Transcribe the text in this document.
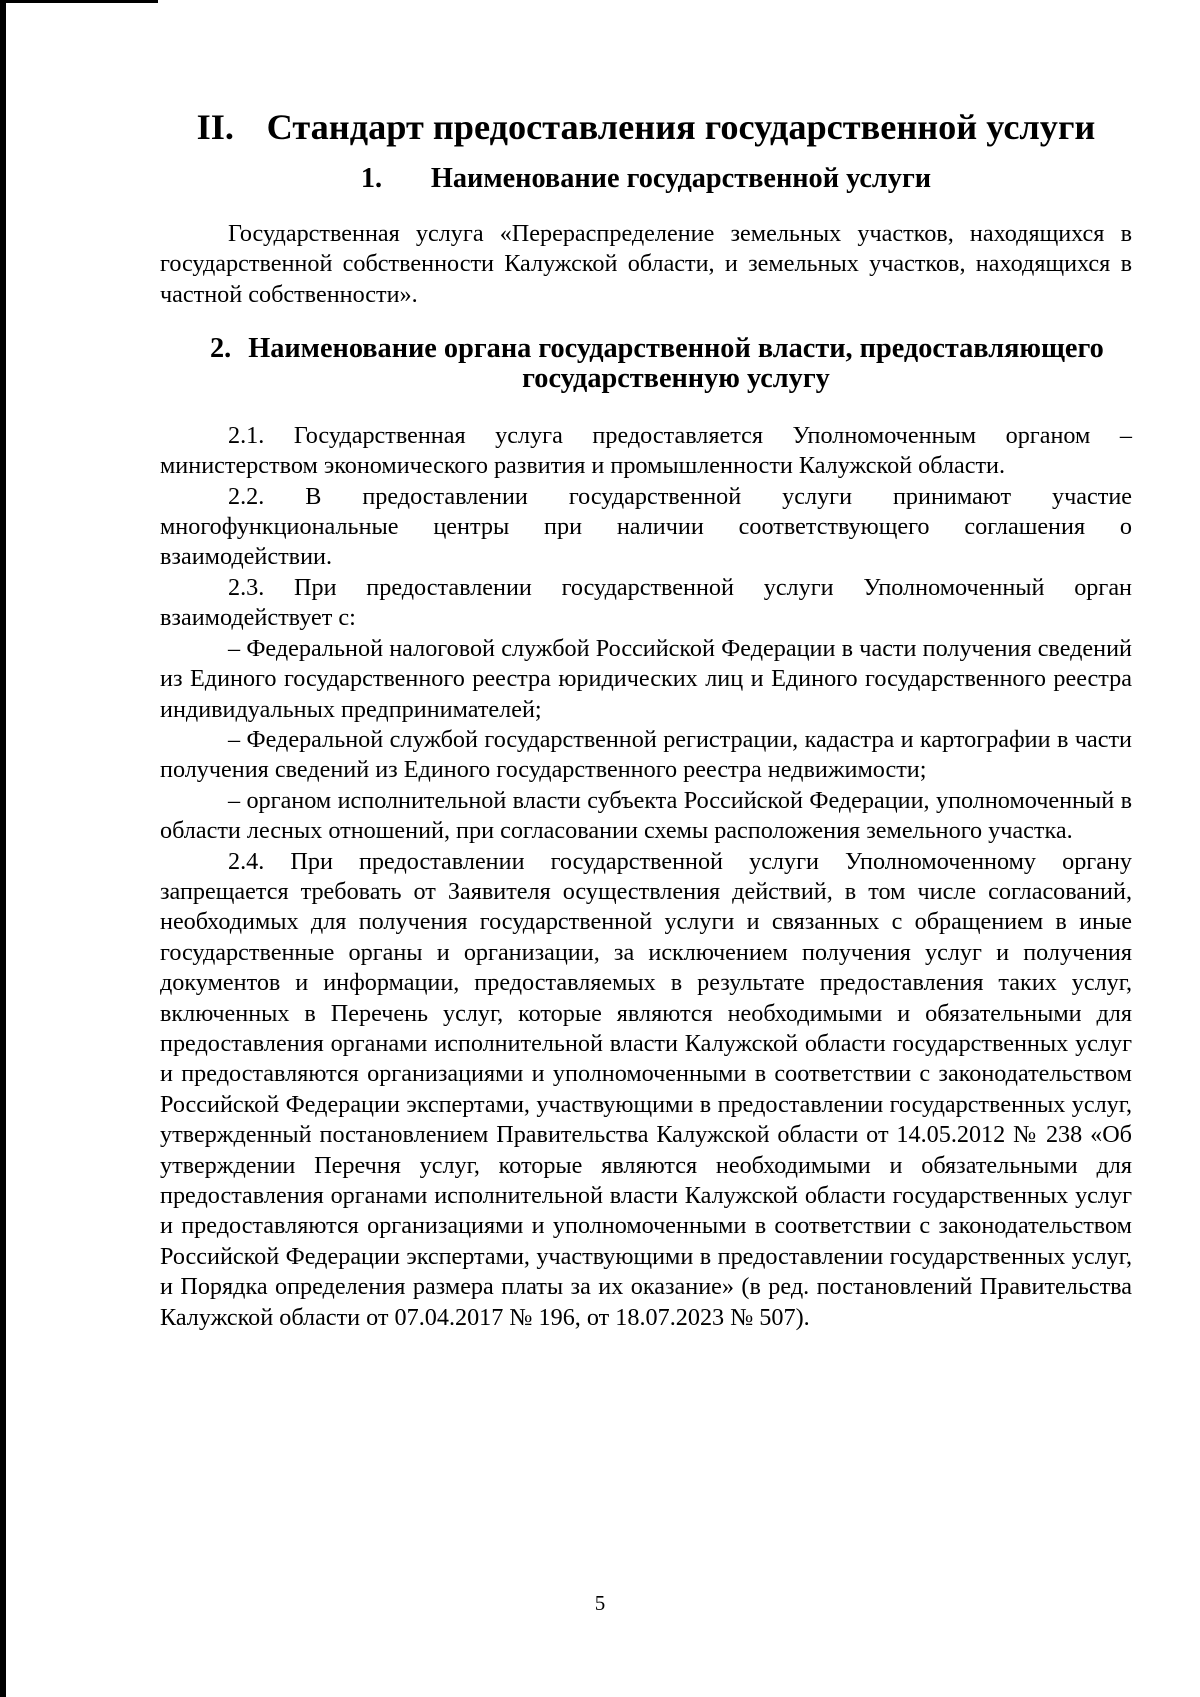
II. Стандарт предоставления государственной услуги
1. Наименование государственной услуги

Государственная услуга «Перераспределение земельных участков, находящихся в государственной собственности Калужской области, и земельных участков, находящихся в частной собственности».

2. Наименование органа государственной власти, предоставляющего государственную услугу

2.1. Государственная услуга предоставляется Уполномоченным органом – министерством экономического развития и промышленности Калужской области.

2.2. В предоставлении государственной услуги принимают участие многофункциональные центры при наличии соответствующего соглашения о взаимодействии.

2.3. При предоставлении государственной услуги Уполномоченный орган взаимодействует с:

– Федеральной налоговой службой Российской Федерации в части получения сведений из Единого государственного реестра юридических лиц и Единого государственного реестра индивидуальных предпринимателей;

– Федеральной службой государственной регистрации, кадастра и картографии в части получения сведений из Единого государственного реестра недвижимости;

– органом исполнительной власти субъекта Российской Федерации, уполномоченный в области лесных отношений, при согласовании схемы расположения земельного участка.

2.4. При предоставлении государственной услуги Уполномоченному органу запрещается требовать от Заявителя осуществления действий, в том числе согласований, необходимых для получения государственной услуги и связанных с обращением в иные государственные органы и организации, за исключением получения услуг и получения документов и информации, предоставляемых в результате предоставления таких услуг, включенных в Перечень услуг, которые являются необходимыми и обязательными для предоставления органами исполнительной власти Калужской области государственных услуг и предоставляются организациями и уполномоченными в соответствии с законодательством Российской Федерации экспертами, участвующими в предоставлении государственных услуг, утвержденный постановлением Правительства Калужской области от 14.05.2012 № 238 «Об утверждении Перечня услуг, которые являются необходимыми и обязательными для предоставления органами исполнительной власти Калужской области государственных услуг и предоставляются организациями и уполномоченными в соответствии с законодательством Российской Федерации экспертами, участвующими в предоставлении государственных услуг, и Порядка определения размера платы за их оказание» (в ред. постановлений Правительства Калужской области от 07.04.2017 № 196, от 18.07.2023 № 507).

5
